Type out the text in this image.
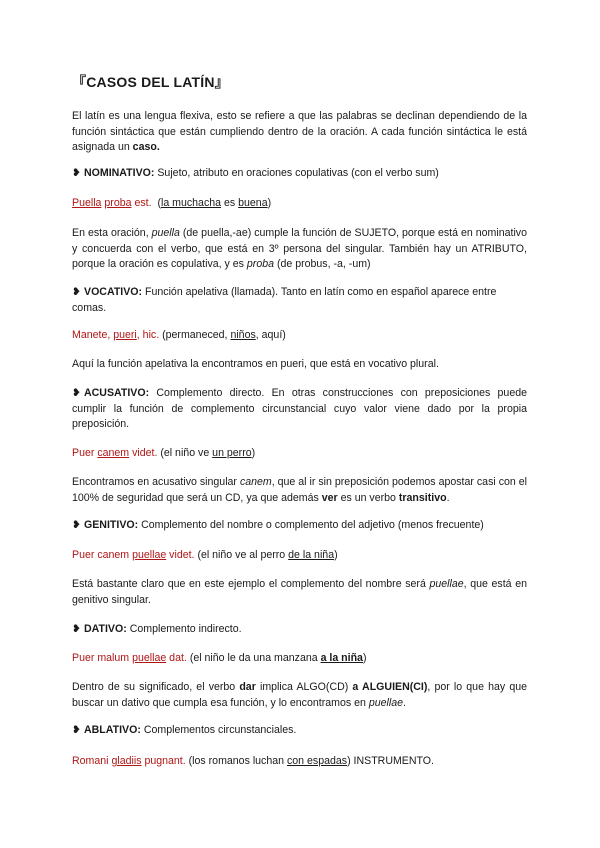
『CASOS DEL LATÍN』

El latín es una lengua flexiva, esto se refiere a que las palabras se declinan dependiendo de la función sintáctica que están cumpliendo dentro de la oración. A cada función sintáctica le está asignada un caso.

❥ NOMINATIVO: Sujeto, atributo en oraciones copulativas (con el verbo sum)

Puella proba est. (la muchacha es buena)

En esta oración, puella (de puella,-ae) cumple la función de SUJETO, porque está en nominativo y concuerda con el verbo, que está en 3º persona del singular. También hay un ATRIBUTO, porque la oración es copulativa, y es proba (de probus, -a, -um)

❥ VOCATIVO: Función apelativa (llamada). Tanto en latín como en español aparece entre comas.

Manete, pueri, hic. (permaneced, niños, aquí)

Aquí la función apelativa la encontramos en pueri, que está en vocativo plural.

❥ ACUSATIVO: Complemento directo. En otras construcciones con preposiciones puede cumplir la función de complemento circunstancial cuyo valor viene dado por la propia preposición.

Puer canem videt. (el niño ve un perro)

Encontramos en acusativo singular canem, que al ir sin preposición podemos apostar casi con el 100% de seguridad que será un CD, ya que además ver es un verbo transitivo.

❥ GENITIVO: Complemento del nombre o complemento del adjetivo (menos frecuente)

Puer canem puellae videt. (el niño ve al perro de la niña)

Está bastante claro que en este ejemplo el complemento del nombre será puellae, que está en genitivo singular.

❥ DATIVO: Complemento indirecto.

Puer malum puellae dat. (el niño le da una manzana a la niña)

Dentro de su significado, el verbo dar implica ALGO(CD) a ALGUIEN(CI), por lo que hay que buscar un dativo que cumpla esa función, y lo encontramos en puellae.

❥ ABLATIVO: Complementos circunstanciales.

Romani gladiis pugnant. (los romanos luchan con espadas) INSTRUMENTO.
